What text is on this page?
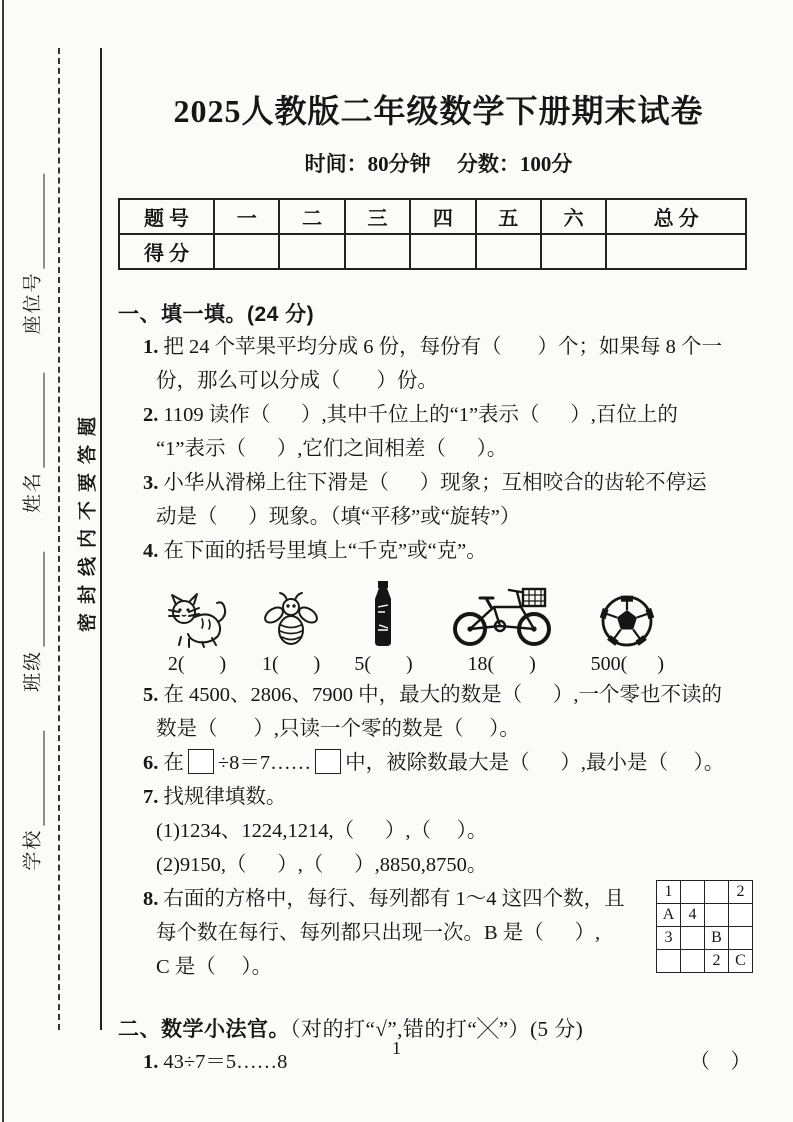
学校

班级

姓名

座位号
密封线内不要答题
2025人教版二年级数学下册期末试卷
时间：80分钟     分数：100分
题 号	一	二	三	四	五	六	总 分
得 分							
一、填一填。(24 分)
1. 把 24 个苹果平均分成 6 份，每份有（       ）个；如果每 8 个一
份，那么可以分成（       ）份。
2. 1109 读作（      ）,其中千位上的“1”表示（      ）,百位上的
“1”表示（      ）,它们之间相差（      ）。
3. 小华从滑梯上往下滑是（      ）现象；互相咬合的齿轮不停运
动是（      ）现象。（填“平移”或“旋转”）
4. 在下面的括号里填上“千克”或“克”。
2(       ) 1(       ) 5(       )	18(       )	500(      )
5. 在 4500、2806、7900 中，最大的数是（      ）,一个零也不读的
数是（       ）,只读一个零的数是（     ）。
6. 在 ÷8＝7…… 中，被除数最大是（      ）,最小是（     ）。
7. 找规律填数。
(1)1234、1224,1214,（      ）,（     ）。
(2)9150,（      ）,（      ）,8850,8750。
1			2
A	4		
3		B	
		2	C
8. 右面的方格中，每行、每列都有 1～4 这四个数，且
每个数在每行、每列都只出现一次。B 是（      ）,
C 是（     ）。
二、数学小法官。（对的打“√”,错的打“╳”）(5 分)
1. 43÷7＝5……8	（    ）
1
